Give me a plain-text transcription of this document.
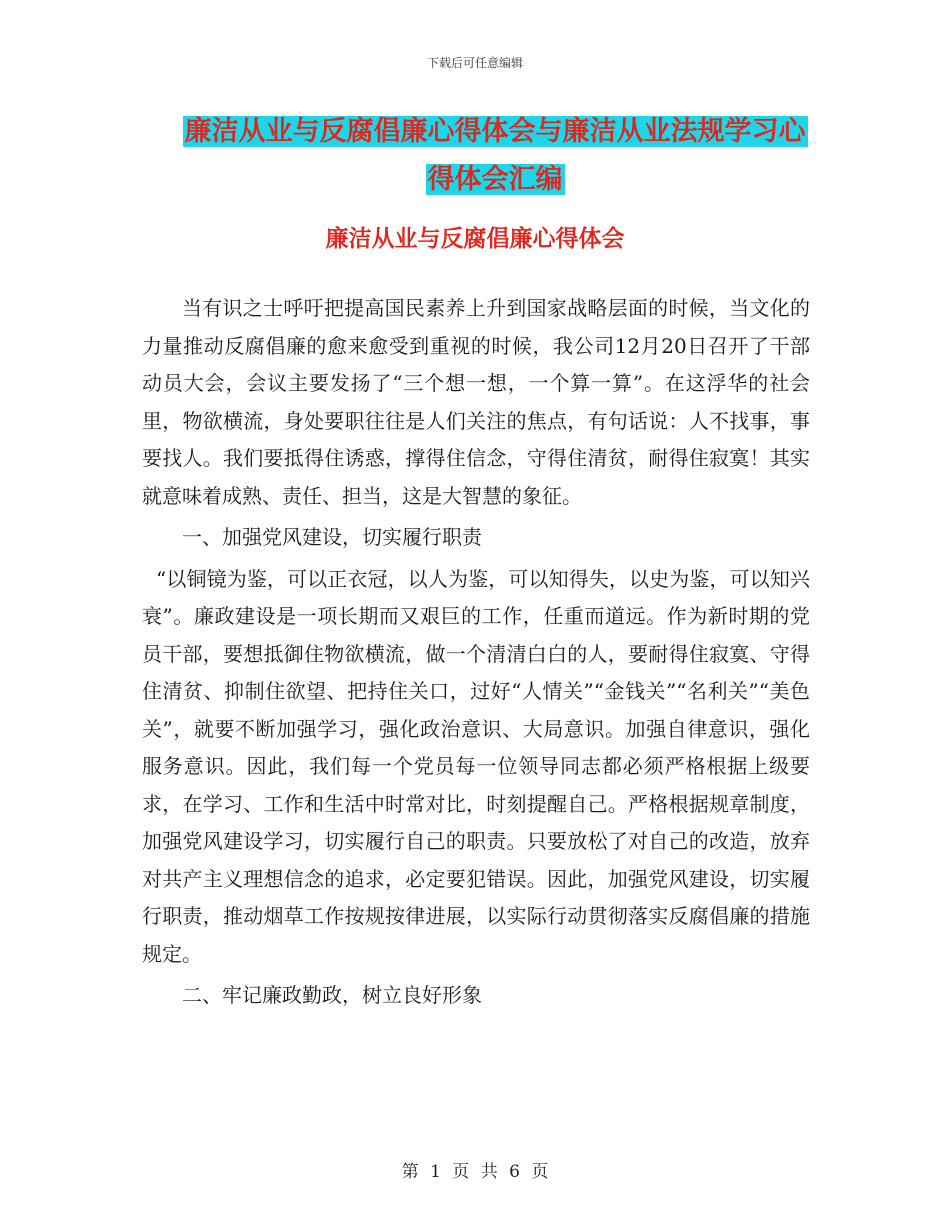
下载后可任意编辑
廉洁从业与反腐倡廉心得体会与廉洁从业法规学习心
得体会汇编
廉洁从业与反腐倡廉心得体会

当有识之士呼吁把提高国民素养上升到国家战略层面的时候，当文化的力量推动反腐倡廉的愈来愈受到重视的时候，我公司12月20日召开了干部动员大会，会议主要发扬了“三个想一想，一个算一算”。在这浮华的社会里，物欲横流，身处要职往往是人们关注的焦点，有句话说：人不找事，事要找人。我们要抵得住诱惑，撑得住信念，守得住清贫，耐得住寂寞！其实就意味着成熟、责任、担当，这是大智慧的象征。

一、加强党风建设，切实履行职责

“以铜镜为鉴，可以正衣冠，以人为鉴，可以知得失，以史为鉴，可以知兴衰”。廉政建设是一项长期而又艰巨的工作，任重而道远。作为新时期的党员干部，要想抵御住物欲横流，做一个清清白白的人，要耐得住寂寞、守得住清贫、抑制住欲望、把持住关口，过好“人情关”“金钱关”“名利关”“美色关”，就要不断加强学习，强化政治意识、大局意识。加强自律意识，强化服务意识。因此，我们每一个党员每一位领导同志都必须严格根据上级要求，在学习、工作和生活中时常对比，时刻提醒自己。严格根据规章制度，加强党风建设学习，切实履行自己的职责。只要放松了对自己的改造，放弃对共产主义理想信念的追求，必定要犯错误。因此，加强党风建设，切实履行职责，推动烟草工作按规按律进展，以实际行动贯彻落实反腐倡廉的措施规定。

二、牢记廉政勤政，树立良好形象

第 1 页 共 6 页
